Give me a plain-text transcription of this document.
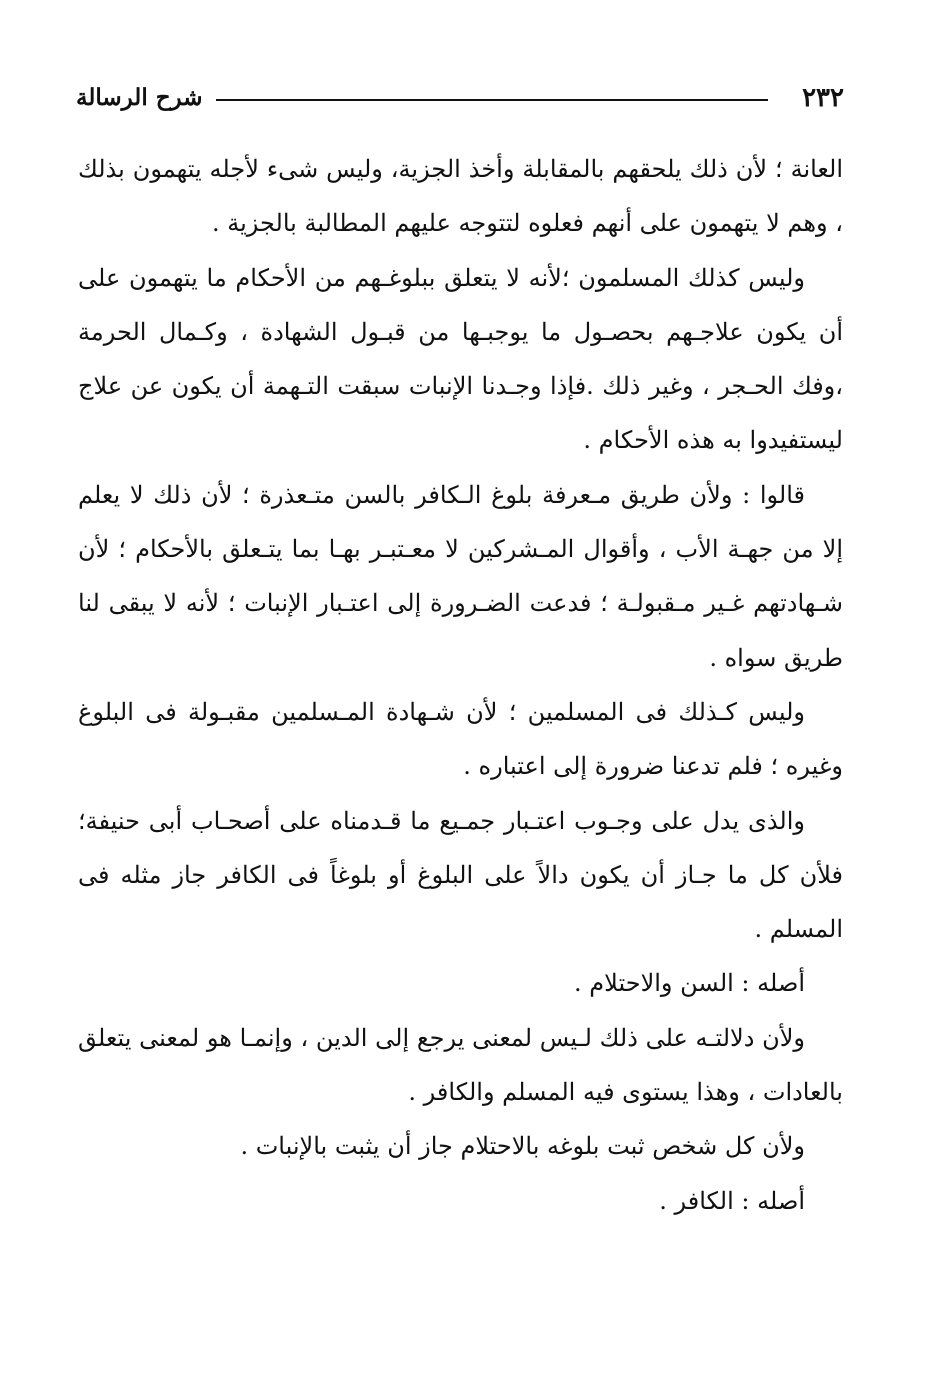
٢٣٢
شرح الرسالة

العانة ؛ لأن ذلك يلحقهم بالمقابلة وأخذ الجزية، وليس شىء لأجله يتهمون بذلك ، وهم لا يتهمون على أنهم فعلوه لتتوجه عليهم المطالبة بالجزية .

وليس كذلك المسلمون ؛لأنه لا يتعلق ببلوغـهم من الأحكام ما يتهمون على أن يكون علاجـهم بحصـول ما يوجبـها من قبـول الشهادة ، وكـمال الحرمة ،وفك الحـجر ، وغير ذلك .فإذا وجـدنا الإنبات سبقت التـهمة أن يكون عن علاج ليستفيدوا به هذه الأحكام .

قالوا : ولأن طريق مـعرفة بلوغ الـكافر بالسن متـعذرة ؛ لأن ذلك لا يعلم إلا من جهـة الأب ، وأقوال المـشركين لا معـتبـر بهـا بما يتـعلق بالأحكام ؛ لأن شـهادتهم غـير مـقبولـة ؛ فدعت الضـرورة إلى اعتـبار الإنبات ؛ لأنه لا يبقى لنا طريق سواه .

وليس كـذلك فى المسلمين ؛ لأن شـهادة المـسلمين مقبـولة فى البلوغ وغيره ؛ فلم تدعنا ضرورة إلى اعتباره .

والذى يدل على وجـوب اعتـبار جمـيع ما قـدمناه على أصحـاب أبى حنيفة؛ فلأن كل ما جـاز أن يكون دالاً على البلوغ أو بلوغاً فى الكافر جاز مثله فى المسلم .

أصله : السن والاحتلام .

ولأن دلالتـه على ذلك لـيس لمعنى يرجع إلى الدين ، وإنمـا هو لمعنى يتعلق بالعادات ، وهذا يستوى فيه المسلم والكافر .

ولأن كل شخص ثبت بلوغه بالاحتلام جاز أن يثبت بالإنبات .

أصله : الكافر .
